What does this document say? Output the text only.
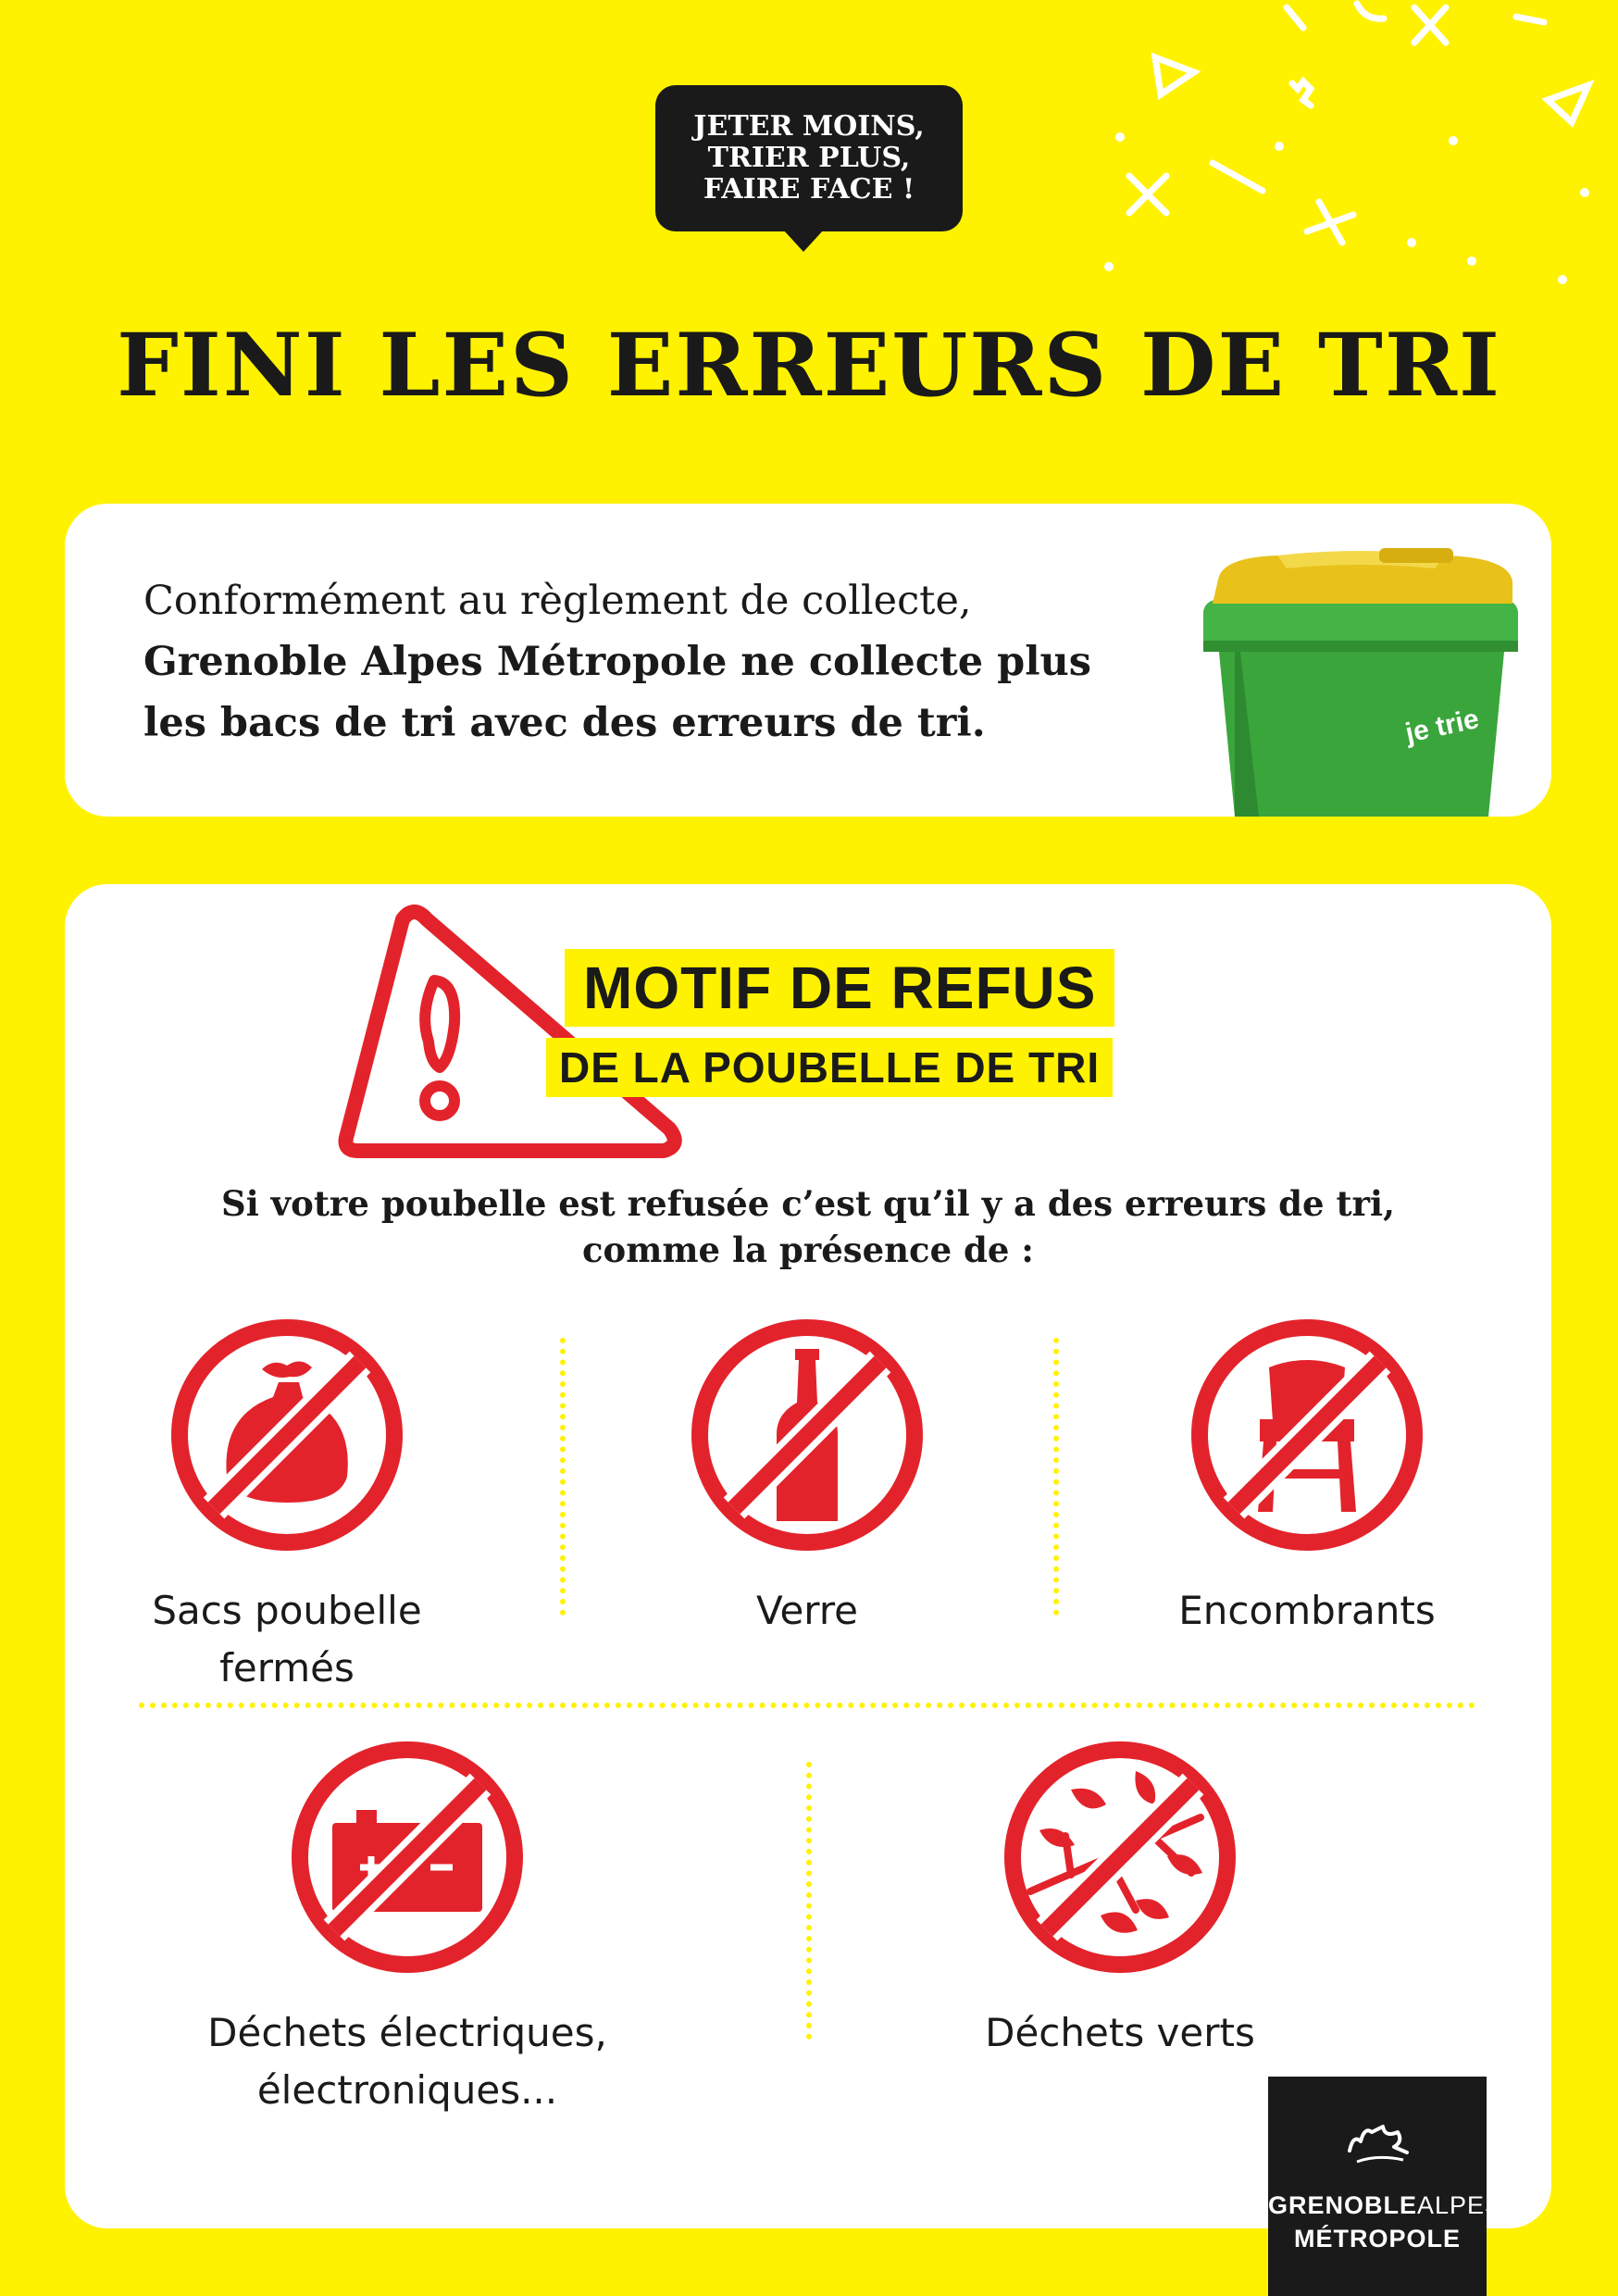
JETER MOINS,
TRIER PLUS,
FAIRE FACE !
FINI LES ERREURS DE TRI
Conformément au règlement de collecte,
Grenoble Alpes Métropole ne collecte plus
les bacs de tri avec des erreurs de tri.	je trie
MOTIF DE REFUS
DE LA POUBELLE DE TRI
Si votre poubelle est refusée c’est qu’il y a des erreurs de tri,
comme la présence de :
Sacs poubelle
fermés
Verre	Encombrants
Déchets électriques,
électroniques...
Déchets verts
GRENOBLEALPES
MÉTROPOLE
